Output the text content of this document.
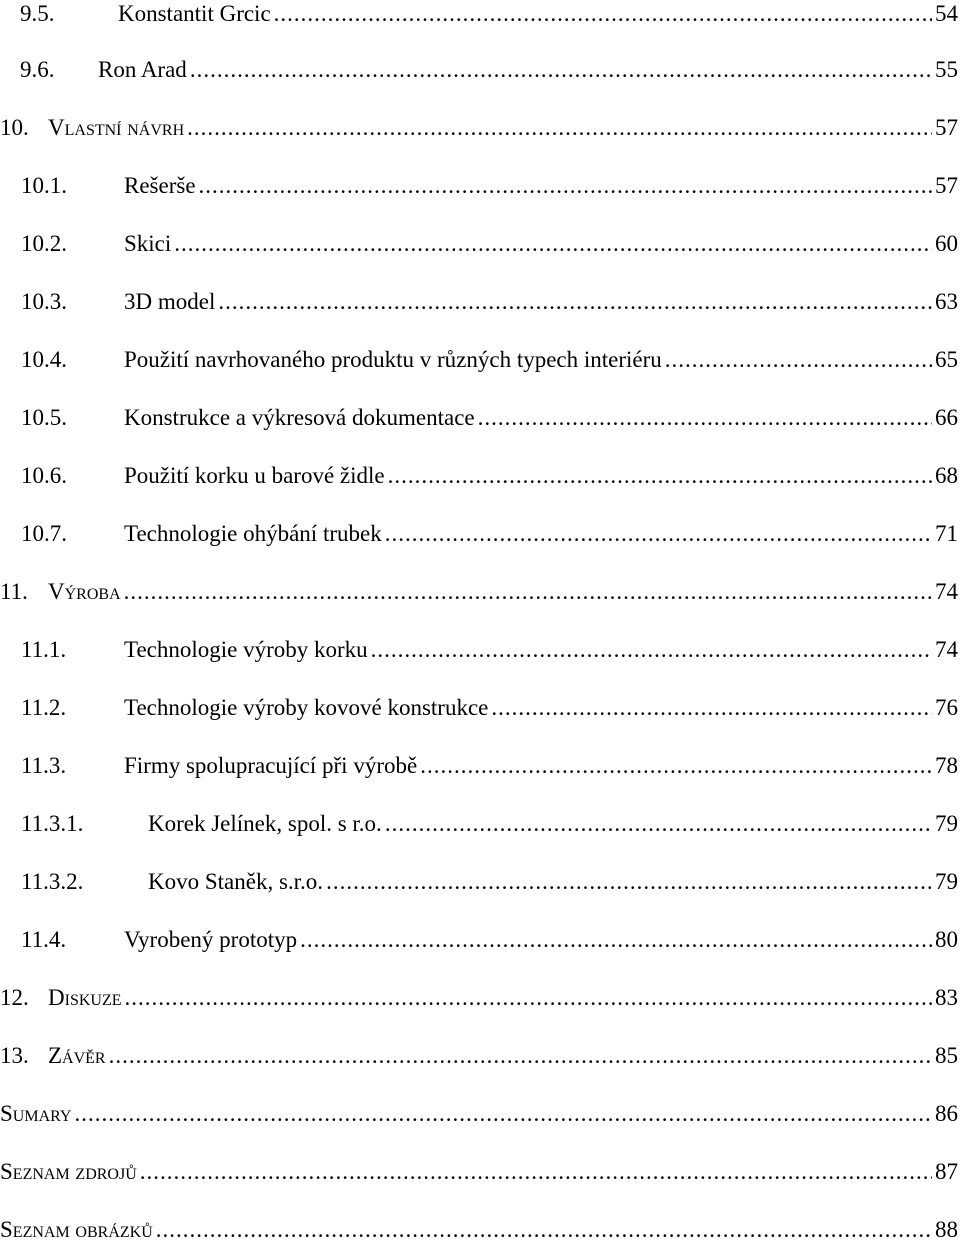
9.5.	Konstantit Grcic .....	54
9.6.	Ron Arad .....	55
10. Vlastní návrh .....	57
10.1.	Rešerše .....	57
10.2.	Skici .....	60
10.3.	3D model .....	63
10.4.	Použití navrhovaného produktu v různých typech interiéru .....	65
10.5.	Konstrukce a výkresová dokumentace .....	66
10.6.	Použití korku u barové židle .....	68
10.7.	Technologie ohýbání trubek .....	71
11. Výroba .....	74
11.1.	Technologie výroby korku .....	74
11.2.	Technologie výroby kovové konstrukce .....	76
11.3.	Firmy spolupracující při výrobě .....	78
11.3.1.	Korek Jelínek, spol. s r.o. .....	79
11.3.2.	Kovo Staněk, s.r.o. .....	79
11.4.	Vyrobený prototyp .....	80
12. Diskuze .....	83
13. Závěr .....	85
Sumary .....	86
Seznam zdrojů .....	87
Seznam obrázků .....	88
